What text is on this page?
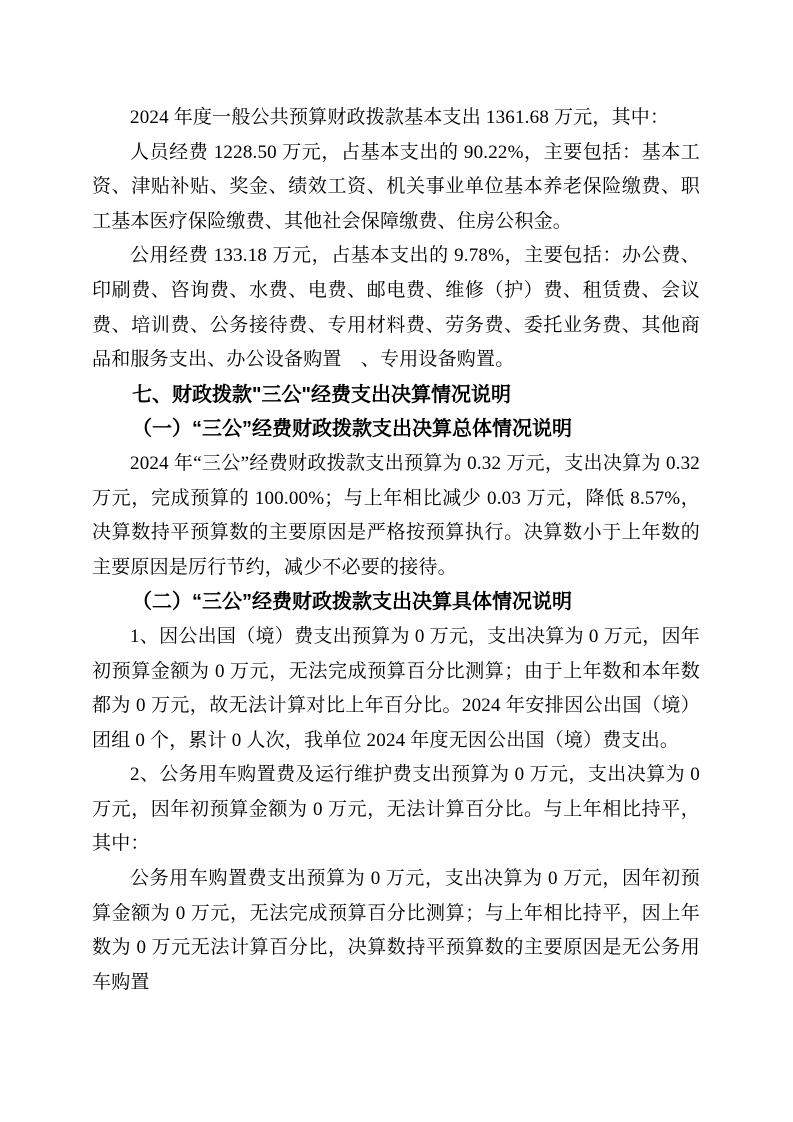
2024 年度一般公共预算财政拨款基本支出 1361.68 万元，其中：

人员经费 1228.50 万元，占基本支出的 90.22%，主要包括：基本工资、津贴补贴、奖金、绩效工资、机关事业单位基本养老保险缴费、职工基本医疗保险缴费、其他社会保障缴费、住房公积金。

公用经费 133.18 万元，占基本支出的 9.78%，主要包括：办公费、印刷费、咨询费、水费、电费、邮电费、维修（护）费、租赁费、会议费、培训费、公务接待费、专用材料费、劳务费、委托业务费、其他商品和服务支出、办公设备购置　、专用设备购置。

七、财政拨款"三公"经费支出决算情况说明
（一）“三公”经费财政拨款支出决算总体情况说明

2024 年“三公”经费财政拨款支出预算为 0.32 万元，支出决算为 0.32 万元，完成预算的 100.00%；与上年相比减少 0.03 万元，降低 8.57%，决算数持平预算数的主要原因是严格按预算执行。决算数小于上年数的主要原因是厉行节约，减少不必要的接待。

（二）“三公”经费财政拨款支出决算具体情况说明

1、因公出国（境）费支出预算为 0 万元，支出决算为 0 万元，因年初预算金额为 0 万元，无法完成预算百分比测算；由于上年数和本年数都为 0 万元，故无法计算对比上年百分比。2024 年安排因公出国（境）团组 0 个，累计 0 人次，我单位 2024 年度无因公出国（境）费支出。

2、公务用车购置费及运行维护费支出预算为 0 万元，支出决算为 0 万元，因年初预算金额为 0 万元，无法计算百分比。与上年相比持平，其中：

公务用车购置费支出预算为 0 万元，支出决算为 0 万元，因年初预算金额为 0 万元，无法完成预算百分比测算；与上年相比持平，因上年数为 0 万元无法计算百分比，决算数持平预算数的主要原因是无公务用车购置
